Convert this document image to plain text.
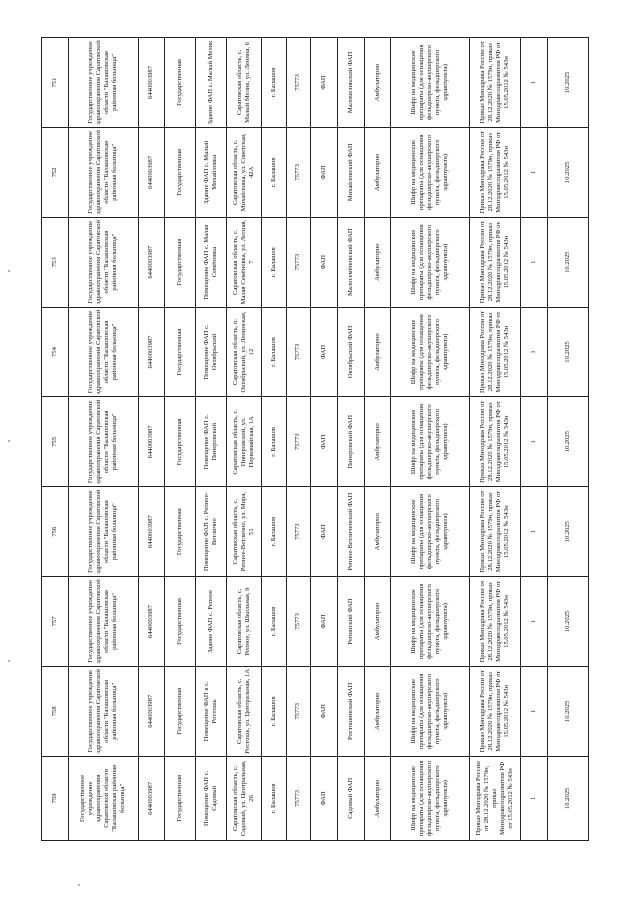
759	758	757	756	755	754	753	752	751
Государственное учреждение здравоохранения Саратовской области "Балашовская районная больница"	Государственное учреждение здравоохранения Саратовской области "Балашовская районная больница"	Государственное учреждение здравоохранения Саратовской области "Балашовская районная больница"	Государственное учреждение здравоохранения Саратовской области "Балашовская районная больница"	Государственное учреждение здравоохранения Саратовской области "Балашовская районная больница"	Государственное учреждение здравоохранения Саратовской области "Балашовская районная больница"	Государственное учреждение здравоохранения Саратовской области "Балашовская районная больница"	Государственное учреждение здравоохранения Саратовской области "Балашовская районная больница"	Государственное учреждение здравоохранения Саратовской области "Балашовская районная больница"
6440003987	6440003987	6440003987	6440003987	6440003987	6440003987	6440003987	6440003987	6440003987
Государственная	Государственная	Государственная	Государственная	Государственная	Государственная	Государственная	Государственная	Государственная
Помещение ФАП с. Садовый	Помещение ФАП в с. Ростошь	Здание ФАП с. Репное	Помещение ФАП с. Репное-Ветлично	Помещение ФАП с. Пинеровский	Помещение ФАП с. Октябрьский	Помещение ФАП с. Малая Семёновка	Здание ФАП с. Малый Михайловка	Здание ФАП с. Малый Мелик
Саратовская область, с. Садовый, ул. Центральная, 26	Саратовская область, с. Ростошь, ул. Центральная, 1А	Саратовская область, с. Репное, ул. Школьная, 9	Саратовская область, с. Репное-Ветлично, ул. Мира, 51	Саратовская область, с. Пинеровский, ул. Первомайская, 1А	Саратовская область, п. Октябрьский, ул. Ленинская, 12	Саратовская область, с. Малая Семёновка, ул. Лесная, 7	Саратовская область, с. Михайловка, ул. Советская, 42А	Саратовская область, с. Малый Мелик, ул. Ленина, 6
г. Балашов	г. Балашов	г. Балашов	г. Балашов	г. Балашов	г. Балашов	г. Балашов	г. Балашов	г. Балашов
75773	75773	75773	75773	75773	75773	75773	75773	75773
ФАП	ФАП	ФАП	ФАП	ФАП	ФАП	ФАП	ФАП	ФАП
Садовый ФАП	Ростошинский ФАП	Репинский ФАП	Репное-Ветличенский ФАП	Пинеровский ФАП	Октябрьский ФАП	Малосемёновский ФАП	Михайловский ФАП	Маломеликский ФАП
Амбулаторно	Амбулаторно	Амбулаторно	Амбулаторно	Амбулаторно	Амбулаторно	Амбулаторно	Амбулаторно	Амбулаторно
Шифр на медицинские препараты (для оснащения фельдшерско-акушерского пункта, фельдшерского здравпункта)	Шифр на медицинские препараты (для оснащения фельдшерско-акушерского пункта, фельдшерского здравпункта)	Шифр на медицинские препараты (для оснащения фельдшерско-акушерского пункта, фельдшерского здравпункта)	Шифр на медицинские препараты (для оснащения фельдшерско-акушерского пункта, фельдшерского здравпункта)	Шифр на медицинские препараты (для оснащения фельдшерско-акушерского пункта, фельдшерского здравпункта)	Шифр на медицинские препараты (для оснащения фельдшерско-акушерского пункта, фельдшерского здравпункта)	Шифр на медицинские препараты (для оснащения фельдшерско-акушерского пункта, фельдшерского здравпункта)	Шифр на медицинские препараты (для оснащения фельдшерско-акушерского пункта, фельдшерского здравпункта)	Шифр на медицинские препараты (для оснащения фельдшерско-акушерского пункта, фельдшерского здравпункта)
Приказ Минздрава России от 28.12.2020 № 1579н, приказ Минздравсоцразвития РФ от 15.05.2012 № 543н	Приказ Минздрава России от 28.12.2020 № 1579н, приказ Минздравсоцразвития РФ от 15.05.2012 № 543н	Приказ Минздрава России от 28.12.2020 № 1579н, приказ Минздравсоцразвития РФ от 15.05.2012 № 543н	Приказ Минздрава России от 28.12.2020 № 1579н, приказ Минздравсоцразвития РФ от 15.05.2012 № 543н	Приказ Минздрава России от 28.12.2020 № 1579н, приказ Минздравсоцразвития РФ от 15.05.2012 № 543н	Приказ Минздрава России от 28.12.2020 № 1579н, приказ Минздравсоцразвития РФ от 15.05.2012 № 543н	Приказ Минздрава России от 28.12.2020 № 1579н, приказ Минздравсоцразвития РФ от 15.05.2012 № 543н	Приказ Минздрава России от 28.12.2020 № 1579н, приказ Минздравсоцразвития РФ от 15.05.2012 № 543н	Приказ Минздрава России от 28.12.2020 № 1579н, приказ Минздравсоцразвития РФ от 15.05.2012 № 543н
1	1	1	1	1	1	1	1	1
10.2025	10.2025	10.2025	10.2025	10.2025	10.2025	10.2025	10.2025	10.2025
